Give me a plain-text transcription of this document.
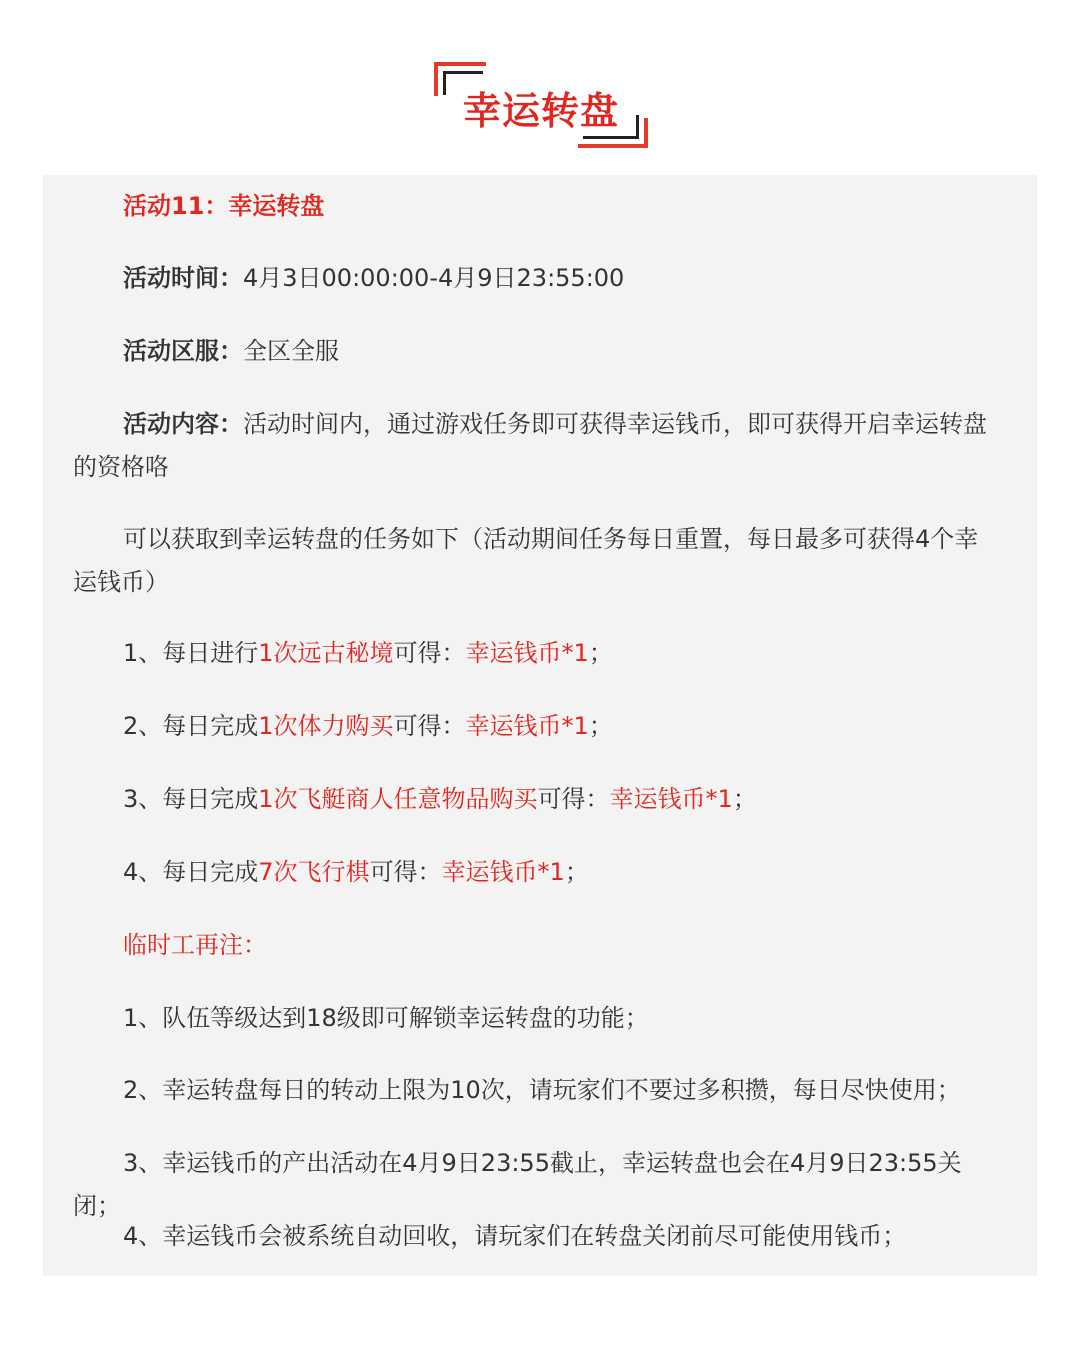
幸运转盘
活动11：幸运转盘
活动时间：4月3日00:00:00-4月9日23:55:00
活动区服：全区全服
活动内容：活动时间内，通过游戏任务即可获得幸运钱币，即可获得开启幸运转盘的资格咯
可以获取到幸运转盘的任务如下（活动期间任务每日重置，每日最多可获得4个幸运钱币）
1、每日进行1次远古秘境可得：幸运钱币*1；
2、每日完成1次体力购买可得：幸运钱币*1；
3、每日完成1次飞艇商人任意物品购买可得：幸运钱币*1；
4、每日完成7次飞行棋可得：幸运钱币*1；
临时工再注：
1、队伍等级达到18级即可解锁幸运转盘的功能；
2、幸运转盘每日的转动上限为10次，请玩家们不要过多积攒，每日尽快使用；
3、幸运钱币的产出活动在4月9日23:55截止，幸运转盘也会在4月9日23:55关闭；
4、幸运钱币会被系统自动回收，请玩家们在转盘关闭前尽可能使用钱币；
